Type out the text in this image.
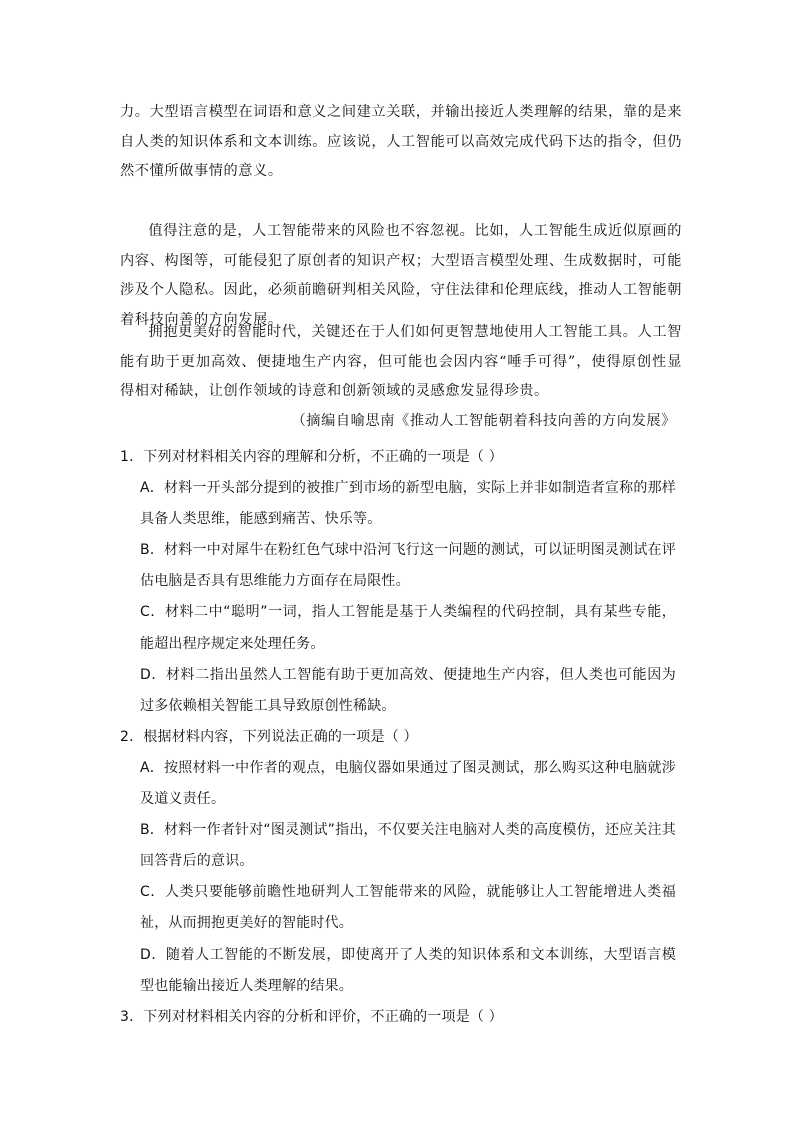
力。大型语言模型在词语和意义之间建立关联，并输出接近人类理解的结果，靠的是来自人类的知识体系和文本训练。应该说，人工智能可以高效完成代码下达的指令，但仍然不懂所做事情的意义。

值得注意的是，人工智能带来的风险也不容忽视。比如，人工智能生成近似原画的内容、构图等，可能侵犯了原创者的知识产权；大型语言模型处理、生成数据时，可能涉及个人隐私。因此，必须前瞻研判相关风险，守住法律和伦理底线，推动人工智能朝着科技向善的方向发展。

拥抱更美好的智能时代，关键还在于人们如何更智慧地使用人工智能工具。人工智能有助于更加高效、便捷地生产内容，但可能也会因内容“唾手可得”，使得原创性显得相对稀缺，让创作领域的诗意和创新领域的灵感愈发显得珍贵。

（摘编自喻思南《推动人工智能朝着科技向善的方向发展》

1．下列对材料相关内容的理解和分析，不正确的一项是（ ）

A．材料一开头部分提到的被推广到市场的新型电脑，实际上并非如制造者宣称的那样具备人类思维，能感到痛苦、快乐等。

B．材料一中对犀牛在粉红色气球中沿河飞行这一问题的测试，可以证明图灵测试在评估电脑是否具有思维能力方面存在局限性。

C．材料二中“聪明”一词，指人工智能是基于人类编程的代码控制，具有某些专能，能超出程序规定来处理任务。

D．材料二指出虽然人工智能有助于更加高效、便捷地生产内容，但人类也可能因为过多依赖相关智能工具导致原创性稀缺。

2．根据材料内容，下列说法正确的一项是（ ）

A．按照材料一中作者的观点，电脑仪器如果通过了图灵测试，那么购买这种电脑就涉及道义责任。

B．材料一作者针对“图灵测试”指出，不仅要关注电脑对人类的高度模仿，还应关注其回答背后的意识。

C．人类只要能够前瞻性地研判人工智能带来的风险，就能够让人工智能增进人类福祉，从而拥抱更美好的智能时代。

D．随着人工智能的不断发展，即使离开了人类的知识体系和文本训练，大型语言模型也能输出接近人类理解的结果。

3．下列对材料相关内容的分析和评价，不正确的一项是（ ）
